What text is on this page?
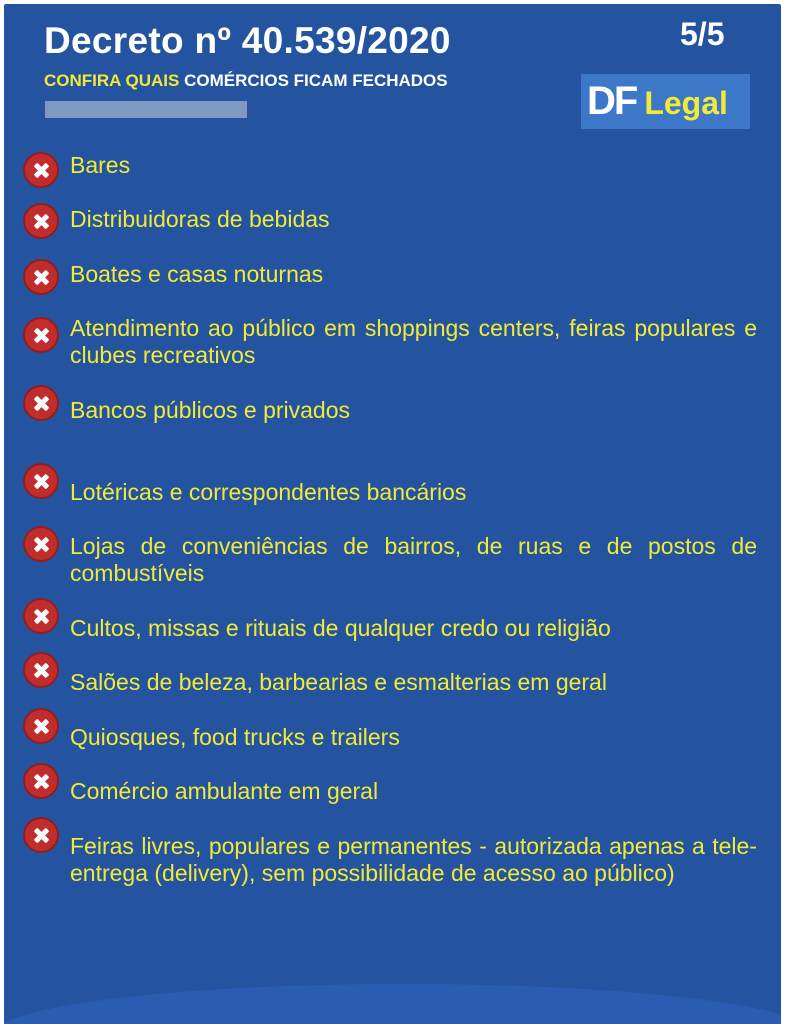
Decreto nº 40.539/2020
CONFIRA QUAIS COMÉRCIOS FICAM FECHADOS
5/5
DF Legal
Bares
Distribuidoras de bebidas
Boates e casas noturnas
Atendimento ao público em shoppings centers, feiras populares e clubes recreativos
Bancos públicos e privados
Lotéricas e correspondentes bancários
Lojas de conveniências de bairros, de ruas e de postos de combustíveis
Cultos, missas e rituais de qualquer credo ou religião
Salões de beleza, barbearias e esmalterias em geral
Quiosques, food trucks e trailers
Comércio ambulante em geral
Feiras livres, populares e permanentes - autorizada apenas a tele-entrega (delivery), sem possibilidade de acesso ao público)
